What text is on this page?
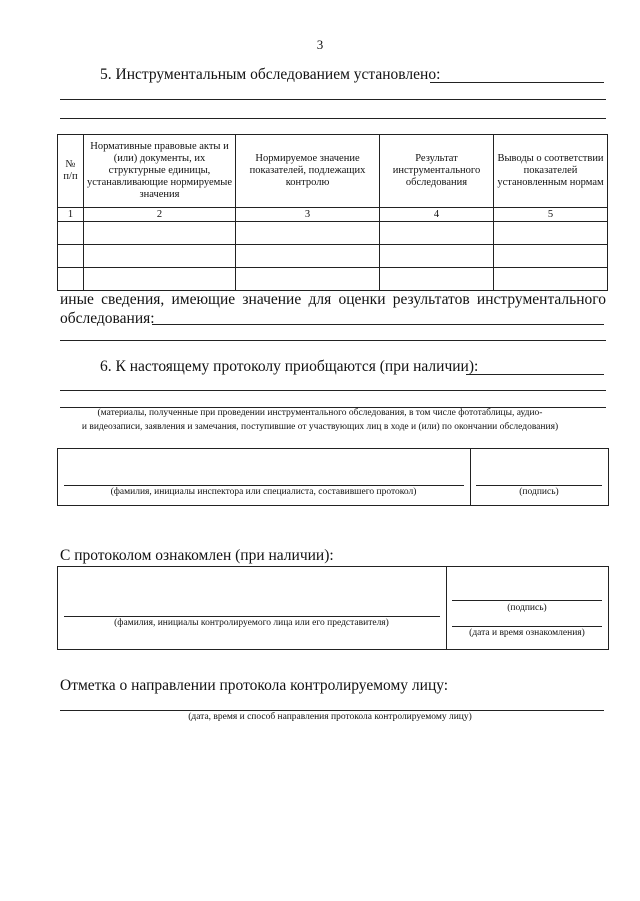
3
5. Инструментальным обследованием установлено:
№ п/п	Нормативные правовые акты и (или) документы, их структурные единицы, устанавливающие нормируемые значения	Нормируемое значение показателей, подлежащих контролю	Результат инструментального обследования	Выводы о соответствии показателей установленным нормам
1	2	3	4	5

иные сведения, имеющие значение для оценки результатов инструментального
обследования:
6. К настоящему протоколу приобщаются (при наличии):
(материалы, полученные при проведении инструментального обследования, в том числе фототаблицы, аудио-
и видеозаписи, заявления и замечания, поступившие от участвующих лиц в ходе и (или) по окончании обследования)
(фамилия, инициалы инспектора или специалиста, составившего протокол)	(подпись)
С протоколом ознакомлен (при наличии):
(фамилия, инициалы контролируемого лица или его представителя)
(подпись)
(дата и время ознакомления)
Отметка о направлении протокола контролируемому лицу:
(дата, время и способ направления протокола контролируемому лицу)
